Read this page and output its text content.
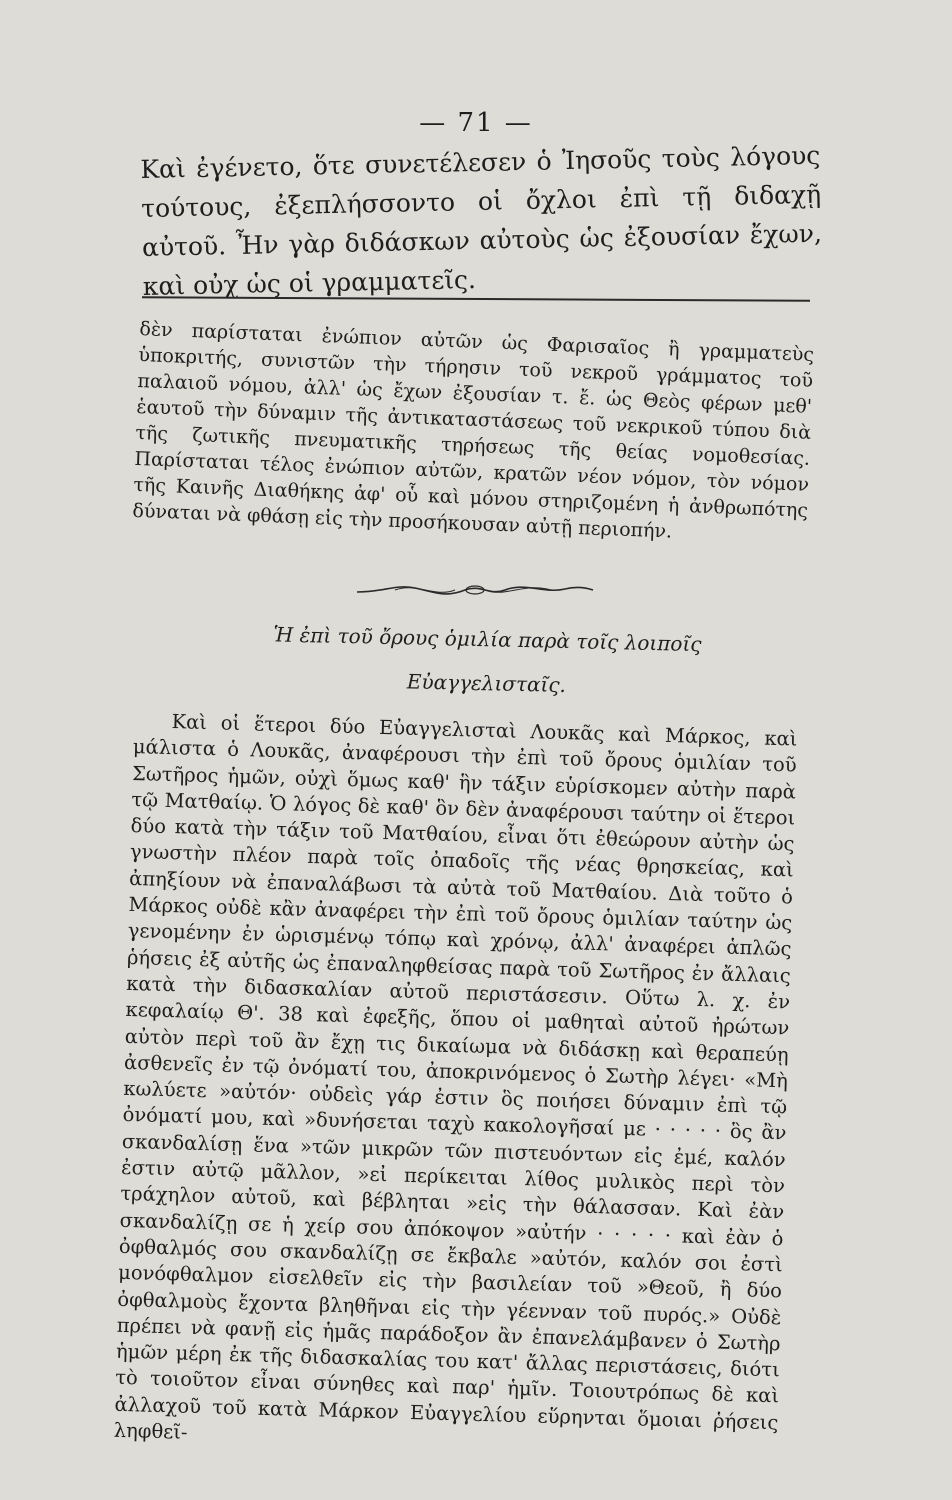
— 71 —
Καὶ ἐγένετο, ὅτε συνετέλεσεν ὁ Ἰησοῦς τοὺς λόγους τούτους, ἐξεπλήσσοντο οἱ ὄχλοι ἐπὶ τῇ διδαχῇ αὐτοῦ. Ἦν γὰρ διδάσκων αὐτοὺς ὡς ἐξουσίαν ἔχων, καὶ οὐχ ὡς οἱ γραμματεῖς.
δὲν παρίσταται ἐνώπιον αὐτῶν ὡς Φαρισαῖος ἢ γραμματεὺς ὑποκριτής, συνιστῶν τὴν τήρησιν τοῦ νεκροῦ γράμματος τοῦ παλαιοῦ νόμου, ἀλλ' ὡς ἔχων ἐξουσίαν τ. ἔ. ὡς Θεὸς φέρων μεθ' ἑαυτοῦ τὴν δύναμιν τῆς ἀντικαταστάσεως τοῦ νεκρικοῦ τύπου διὰ τῆς ζωτικῆς πνευματικῆς τηρήσεως τῆς θείας νομοθεσίας. Παρίσταται τέλος ἐνώπιον αὐτῶν, κρατῶν νέον νόμον, τὸν νόμον τῆς Καινῆς Διαθήκης ἀφ' οὗ καὶ μόνου στηριζομένη ἡ ἀνθρωπότης δύναται νὰ φθάσῃ εἰς τὴν προσήκουσαν αὐτῇ περιοπήν.
Ἡ ἐπὶ τοῦ ὄρους ὁμιλία παρὰ τοῖς λοιποῖς
Εὐαγγελισταῖς.
Καὶ οἱ ἕτεροι δύο Εὐαγγελισταὶ Λουκᾶς καὶ Μάρκος, καὶ μάλιστα ὁ Λουκᾶς, ἀναφέρουσι τὴν ἐπὶ τοῦ ὄρους ὁμιλίαν τοῦ Σωτῆρος ἡμῶν, οὐχὶ ὅμως καθ' ἣν τάξιν εὑρίσκομεν αὐτὴν παρὰ τῷ Ματθαίῳ. Ὁ λόγος δὲ καθ' ὃν δὲν ἀναφέρουσι ταύτην οἱ ἕτεροι δύο κατὰ τὴν τάξιν τοῦ Ματθαίου, εἶναι ὅτι ἐθεώρουν αὐτὴν ὡς γνωστὴν πλέον παρὰ τοῖς ὀπαδοῖς τῆς νέας θρησκείας, καὶ ἀπηξίουν νὰ ἐπαναλάβωσι τὰ αὐτὰ τοῦ Ματθαίου. Διὰ τοῦτο ὁ Μάρκος οὐδὲ κἂν ἀναφέρει τὴν ἐπὶ τοῦ ὄρους ὁμιλίαν ταύτην ὡς γενομένην ἐν ὡρισμένῳ τόπῳ καὶ χρόνῳ, ἀλλ' ἀναφέρει ἁπλῶς ῥήσεις ἐξ αὐτῆς ὡς ἐπαναληφθείσας παρὰ τοῦ Σωτῆρος ἐν ἄλλαις κατὰ τὴν διδασκαλίαν αὐτοῦ περιστάσεσιν. Οὕτω λ. χ. ἐν κεφαλαίῳ Θ'. 38 καὶ ἐφεξῆς, ὅπου οἱ μαθηταὶ αὐτοῦ ἠρώτων αὐτὸν περὶ τοῦ ἂν ἔχῃ τις δικαίωμα νὰ διδάσκῃ καὶ θεραπεύῃ ἀσθενεῖς ἐν τῷ ὀνόματί του, ἀποκρινόμενος ὁ Σωτὴρ λέγει· «Μὴ κωλύετε »αὐτόν· οὐδεὶς γάρ ἐστιν ὃς ποιήσει δύναμιν ἐπὶ τῷ ὀνόματί μου, καὶ »δυνήσεται ταχὺ κακολογῆσαί με · · · · · ὃς ἂν σκανδαλίσῃ ἕνα »τῶν μικρῶν τῶν πιστευόντων εἰς ἐμέ, καλόν ἐστιν αὐτῷ μᾶλλον, »εἰ περίκειται λίθος μυλικὸς περὶ τὸν τράχηλον αὐτοῦ, καὶ βέβληται »εἰς τὴν θάλασσαν. Καὶ ἐὰν σκανδαλίζῃ σε ἡ χείρ σου ἀπόκοψον »αὐτήν · · · · · καὶ ἐὰν ὁ ὀφθαλμός σου σκανδαλίζῃ σε ἔκβαλε »αὐτόν, καλόν σοι ἐστὶ μονόφθαλμον εἰσελθεῖν εἰς τὴν βασιλείαν τοῦ »Θεοῦ, ἢ δύο ὀφθαλμοὺς ἔχοντα βληθῆναι εἰς τὴν γέενναν τοῦ πυρός.» Οὐδὲ πρέπει νὰ φανῇ εἰς ἡμᾶς παράδοξον ἂν ἐπανελάμβανεν ὁ Σωτὴρ ἡμῶν μέρη ἐκ τῆς διδασκαλίας του κατ' ἄλλας περιστάσεις, διότι τὸ τοιοῦτον εἶναι σύνηθες καὶ παρ' ἡμῖν. Τοιουτρόπως δὲ καὶ ἀλλαχοῦ τοῦ κατὰ Μάρκον Εὐαγγελίου εὕρηνται ὅμοιαι ῥήσεις ληφθεῖ-
